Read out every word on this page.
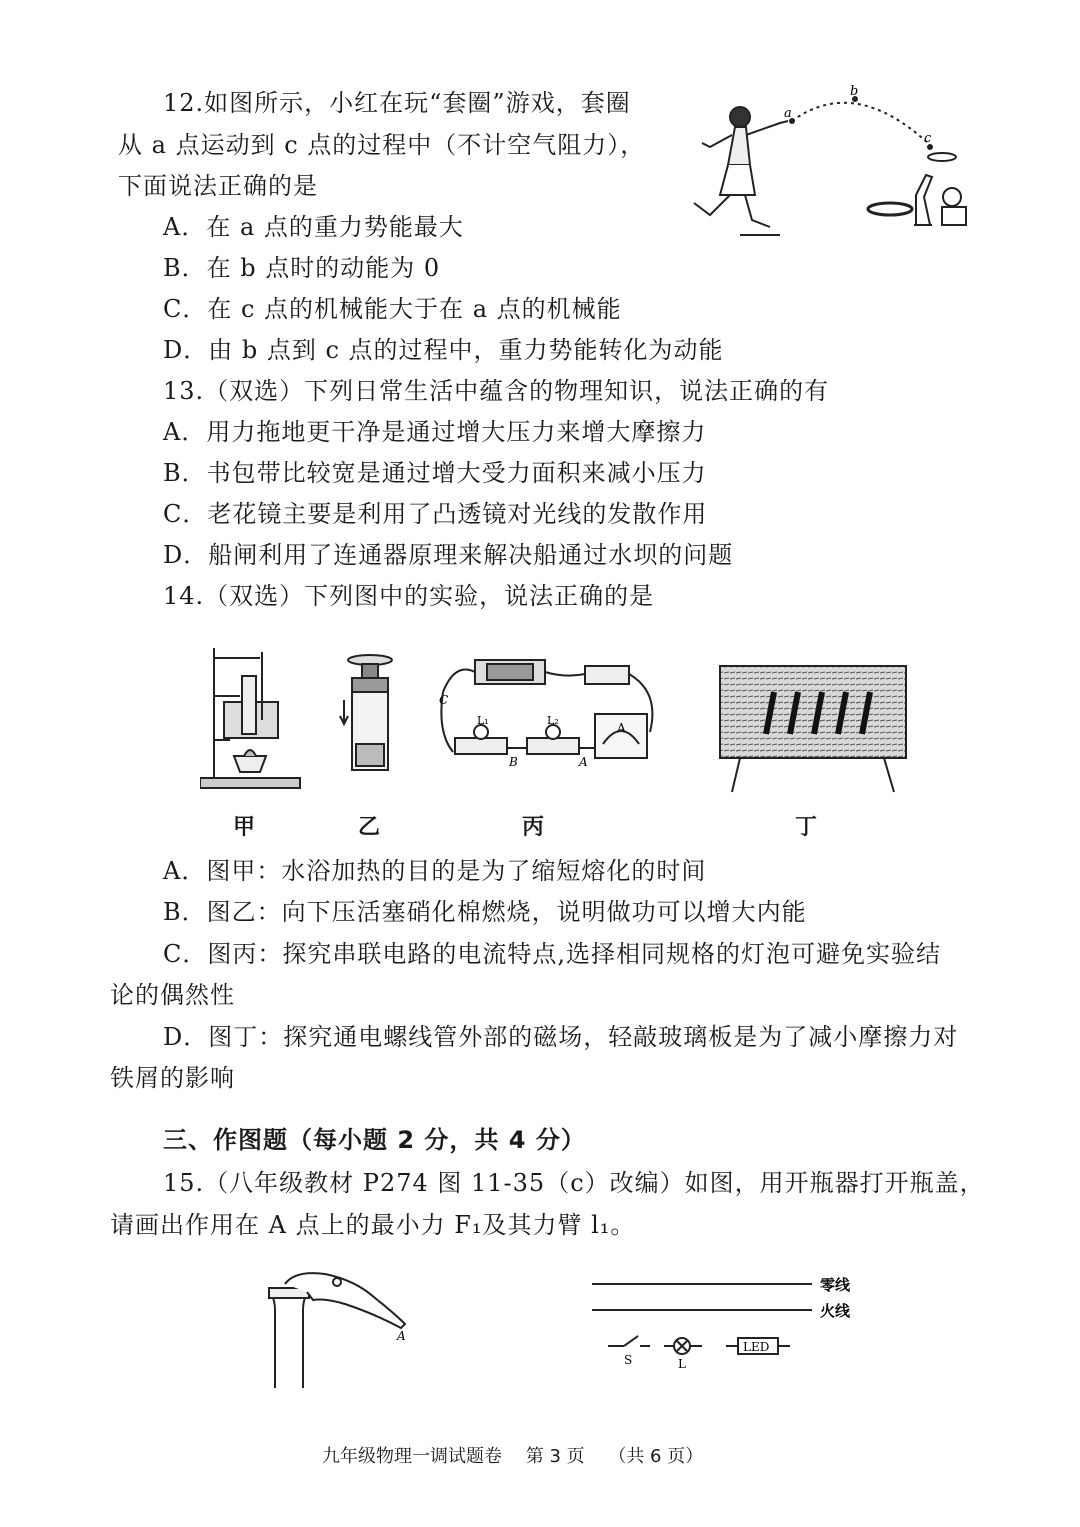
12.如图所示，小红在玩“套圈”游戏，套圈
从 a 点运动到 c 点的过程中（不计空气阻力），
下面说法正确的是
A．在 a 点的重力势能最大
B．在 b 点时的动能为 0
C．在 c 点的机械能大于在 a 点的机械能
D．由 b 点到 c 点的过程中，重力势能转化为动能
a
b
c
13.（双选）下列日常生活中蕴含的物理知识，说法正确的有
A．用力拖地更干净是通过增大压力来增大摩擦力
B．书包带比较宽是通过增大受力面积来减小压力
C．老花镜主要是利用了凸透镜对光线的发散作用
D．船闸利用了连通器原理来解决船通过水坝的问题
14.（双选）下列图中的实验，说法正确的是
C
B	A
L₁	L₂
A
甲	乙	丙	丁
A．图甲：水浴加热的目的是为了缩短熔化的时间
B．图乙：向下压活塞硝化棉燃烧，说明做功可以增大内能
C．图丙：探究串联电路的电流特点,选择相同规格的灯泡可避免实验结
论的偶然性
D．图丁：探究通电螺线管外部的磁场，轻敲玻璃板是为了减小摩擦力对
铁屑的影响
三、作图题（每小题 2 分，共 4 分）
15.（八年级教材 P274 图 11-35（c）改编）如图，用开瓶器打开瓶盖，
请画出作用在 A 点上的最小力 F₁及其力臂 l₁。
A
零线
火线
S	L
LED
九年级物理一调试题卷　 第 3 页　 （共 6 页）
